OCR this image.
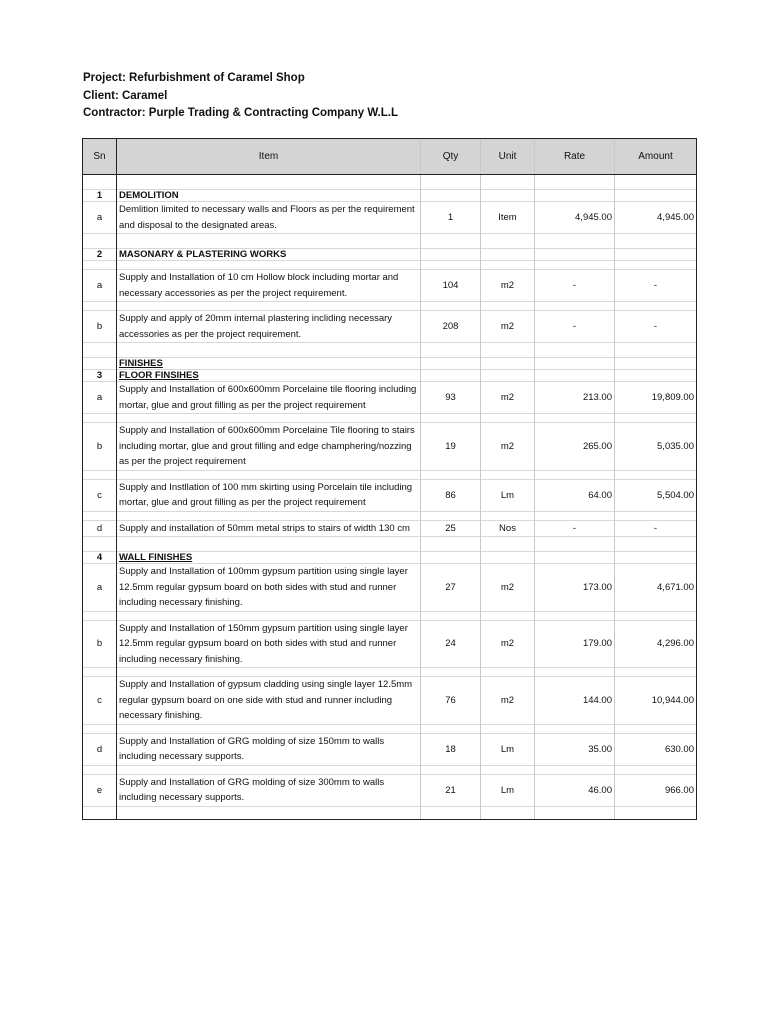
Project: Refurbishment of Caramel Shop
Client: Caramel
Contractor: Purple Trading & Contracting Company W.L.L
Sn	Item	Qty	Unit	Rate	Amount

1	DEMOLITION				
a	Demlition limited to necessary walls and Floors as per the requirement and disposal to the designated areas.	1	Item	4,945.00	4,945.00

2	MASONARY & PLASTERING WORKS				

a	Supply and Installation of 10 cm Hollow block including mortar and necessary accessories as per the project requirement.	104	m2	-	-

b	Supply and apply of 20mm internal plastering incliding necessary accessories as per the project requirement.	208	m2	-	-

	FINISHES				
3	FLOOR FINSIHES				
a	Supply and Installation of 600x600mm Porcelaine tile flooring including mortar, glue and grout filling as per the project requirement	93	m2	213.00	19,809.00

b	Supply and Installation of 600x600mm Porcelaine Tile flooring to stairs including mortar, glue and grout filling and edge champhering/nozzing as per the project requirement	19	m2	265.00	5,035.00

c	Supply and Instllation of 100 mm skirting using Porcelain tile including mortar, glue and grout filling as per the project requirement	86	Lm	64.00	5,504.00

d	Supply and installation of 50mm metal strips to stairs of width 130 cm	25	Nos	-	-

4	WALL FINISHES				
a	Supply and Installation of 100mm gypsum partition using single layer 12.5mm regular gypsum board on both sides with stud and runner including necessary finishing.	27	m2	173.00	4,671.00

b	Supply and Installation of 150mm gypsum partition using single layer 12.5mm regular gypsum board on both sides with stud and runner including necessary finishing.	24	m2	179.00	4,296.00

c	Supply and Installation of gypsum cladding using single layer 12.5mm regular gypsum board on one side with stud and runner including necessary finishing.	76	m2	144.00	10,944.00

d	Supply and Installation of GRG molding of size 150mm to walls including necessary supports.	18	Lm	35.00	630.00

e	Supply and Installation of GRG molding of size 300mm to walls including necessary supports.	21	Lm	46.00	966.00
